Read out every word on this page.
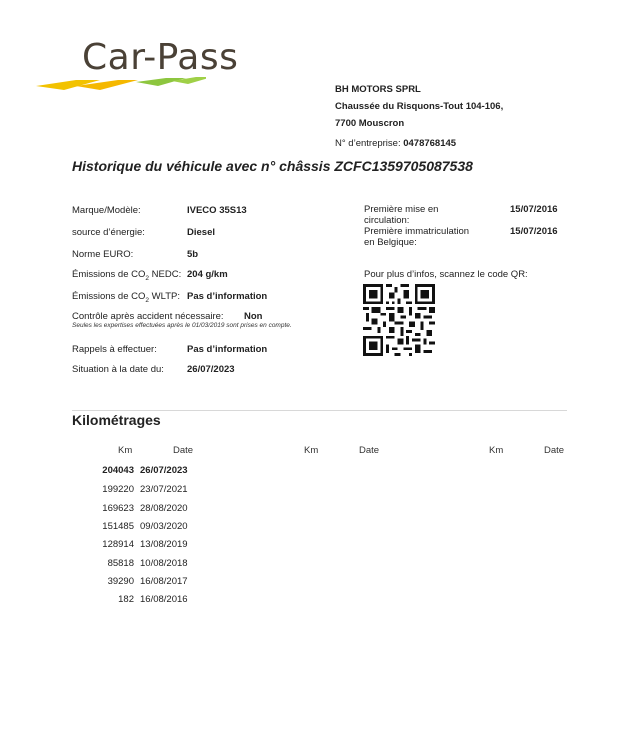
Car-Pass
BH MOTORS SPRL
Chaussée du Risquons-Tout 104-106,
7700 Mouscron
N° d’entreprise: 0478768145
Historique du véhicule avec n° châssis ZCFC1359705087538
Marque/Modèle:	IVECO 35S13
source d’énergie:	Diesel
Norme EURO:	5b
Émissions de $CO_2$ NEDC: 204 g/km
Émissions de $CO_2$ WLTP: Pas d’information
Contrôle après accident nécessaire: Non
Seules les expertises effectuées après le 01/03/2019 sont prises en compte.
Rappels à effectuer:	Pas d’information
Situation à la date du: 26/07/2023
Première mise en
circulation:
15/07/2016
Première immatriculation
en Belgique:
15/07/2016
Pour plus d’infos, scannez le code QR:
Kilométrages
Km	Date	Km	Date	Km	Date
204043 26/07/2023
199220 23/07/2021
169623 28/08/2020
151485 09/03/2020
128914 13/08/2019
85818 10/08/2018
39290 16/08/2017
182 16/08/2016
